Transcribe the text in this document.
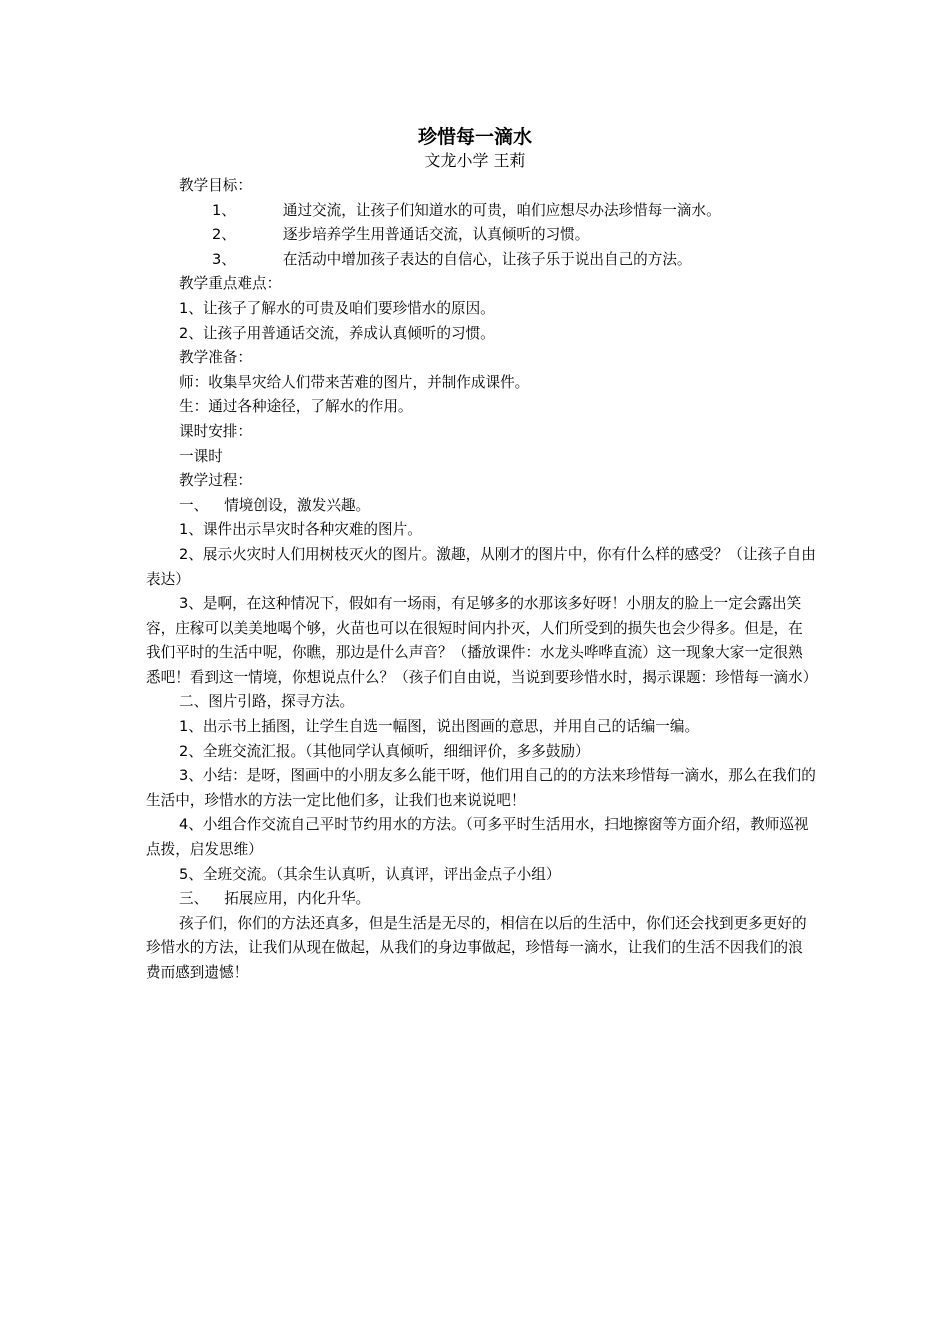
珍惜每一滴水
文龙小学 王莉

教学目标：

1、	通过交流，让孩子们知道水的可贵，咱们应想尽办法珍惜每一滴水。

2、	逐步培养学生用普通话交流，认真倾听的习惯。

3、	在活动中增加孩子表达的自信心，让孩子乐于说出自己的方法。

教学重点难点：

1、让孩子了解水的可贵及咱们要珍惜水的原因。

2、让孩子用普通话交流，养成认真倾听的习惯。

教学准备：

师：收集旱灾给人们带来苦难的图片，并制作成课件。

生：通过各种途径，了解水的作用。

课时安排：

一课时

教学过程：

一、 情境创设，激发兴趣。

1、课件出示旱灾时各种灾难的图片。

2、展示火灾时人们用树枝灭火的图片。激趣，从刚才的图片中，你有什么样的感受？（让孩子自由表达）

3、是啊，在这种情况下，假如有一场雨，有足够多的水那该多好呀！小朋友的脸上一定会露出笑容，庄稼可以美美地喝个够，火苗也可以在很短时间内扑灭，人们所受到的损失也会少得多。但是，在我们平时的生活中呢，你瞧，那边是什么声音？（播放课件：水龙头哗哗直流）这一现象大家一定很熟悉吧！看到这一情境，你想说点什么？（孩子们自由说，当说到要珍惜水时，揭示课题：珍惜每一滴水）

二、图片引路，探寻方法。

1、出示书上插图，让学生自选一幅图，说出图画的意思，并用自己的话编一编。

2、全班交流汇报。（其他同学认真倾听，细细评价，多多鼓励）

3、小结：是呀，图画中的小朋友多么能干呀，他们用自己的的方法来珍惜每一滴水，那么在我们的生活中，珍惜水的方法一定比他们多，让我们也来说说吧！

4、小组合作交流自己平时节约用水的方法。（可多平时生活用水，扫地擦窗等方面介绍，教师巡视点拨，启发思维）

5、全班交流。（其余生认真听，认真评，评出金点子小组）

三、 拓展应用，内化升华。

孩子们，你们的方法还真多，但是生活是无尽的，相信在以后的生活中，你们还会找到更多更好的珍惜水的方法，让我们从现在做起，从我们的身边事做起，珍惜每一滴水，让我们的生活不因我们的浪费而感到遗憾！
